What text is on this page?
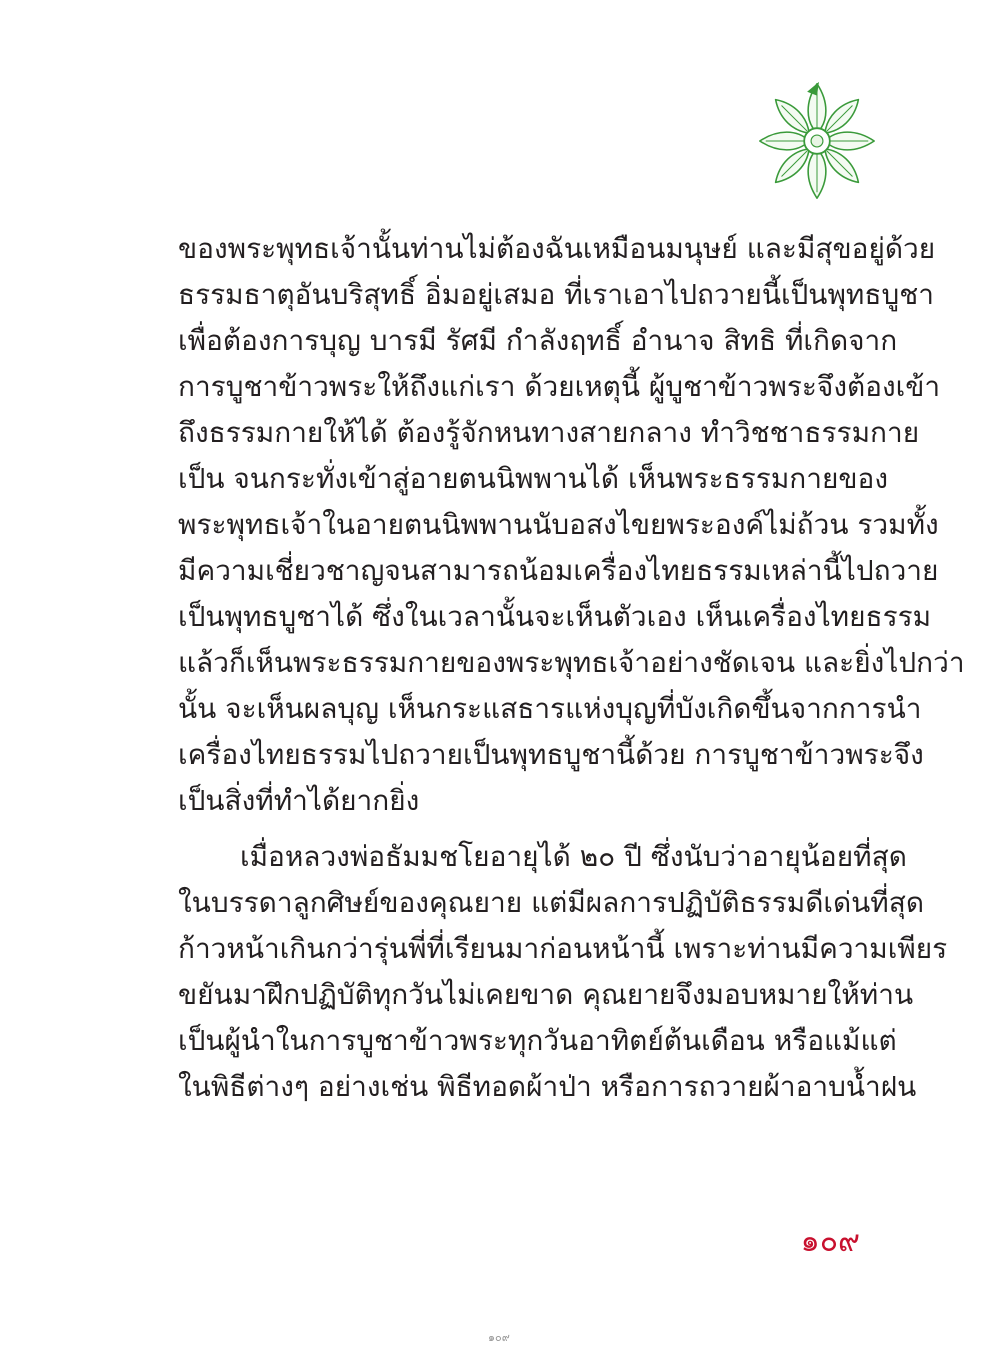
ของพระพุทธเจ้านั้นท่านไม่ต้องฉันเหมือนมนุษย์ และมีสุขอยู่ด้วย
ธรรมธาตุอันบริสุทธิ์ อิ่มอยู่เสมอ ที่เราเอาไปถวายนี้เป็นพุทธบูชา
เพื่อต้องการบุญ บารมี รัศมี กำลังฤทธิ์ อำนาจ สิทธิ ที่เกิดจาก
การบูชาข้าวพระให้ถึงแก่เรา ด้วยเหตุนี้ ผู้บูชาข้าวพระจึงต้องเข้า
ถึงธรรมกายให้ได้ ต้องรู้จักหนทางสายกลาง ทำวิชชาธรรมกาย
เป็น จนกระทั่งเข้าสู่อายตนนิพพานได้ เห็นพระธรรมกายของ
พระพุทธเจ้าในอายตนนิพพานนับอสงไขยพระองค์ไม่ถ้วน รวมทั้ง
มีความเชี่ยวชาญจนสามารถน้อมเครื่องไทยธรรมเหล่านี้ไปถวาย
เป็นพุทธบูชาได้ ซึ่งในเวลานั้นจะเห็นตัวเอง เห็นเครื่องไทยธรรม
แล้วก็เห็นพระธรรมกายของพระพุทธเจ้าอย่างชัดเจน และยิ่งไปกว่า
นั้น จะเห็นผลบุญ เห็นกระแสธารแห่งบุญที่บังเกิดขึ้นจากการนำ
เครื่องไทยธรรมไปถวายเป็นพุทธบูชานี้ด้วย การบูชาข้าวพระจึง
เป็นสิ่งที่ทำได้ยากยิ่ง
เมื่อหลวงพ่อธัมมชโยอายุได้ ๒๐ ปี ซึ่งนับว่าอายุน้อยที่สุด
ในบรรดาลูกศิษย์ของคุณยาย แต่มีผลการปฏิบัติธรรมดีเด่นที่สุด
ก้าวหน้าเกินกว่ารุ่นพี่ที่เรียนมาก่อนหน้านี้ เพราะท่านมีความเพียร
ขยันมาฝึกปฏิบัติทุกวันไม่เคยขาด คุณยายจึงมอบหมายให้ท่าน
เป็นผู้นำในการบูชาข้าวพระทุกวันอาทิตย์ต้นเดือน หรือแม้แต่
ในพิธีต่างๆ อย่างเช่น พิธีทอดผ้าป่า หรือการถวายผ้าอาบน้ำฝน
๑๐๙
๑๐๙
